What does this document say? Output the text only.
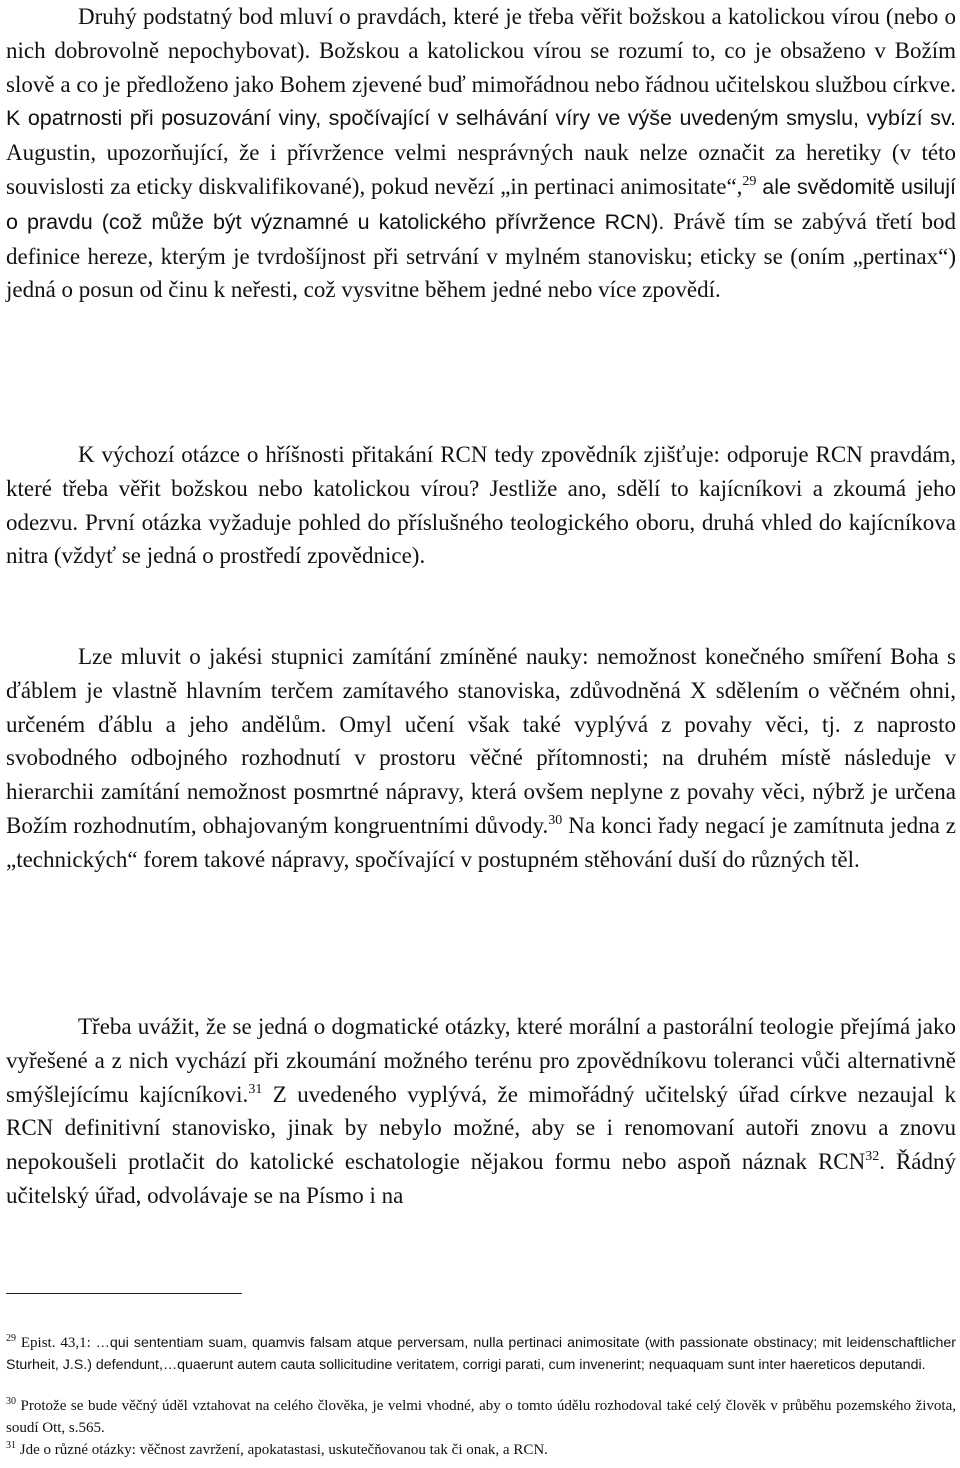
Druhý podstatný bod mluví o pravdách, které je třeba věřit božskou a katolickou vírou (nebo o nich dobrovolně nepochybovat). Božskou a katolickou vírou se rozumí to, co je obsaženo v Božím slově a co je předloženo jako Bohem zjevené buď mimořádnou nebo řádnou učitelskou službou církve. K opatrnosti při posuzování viny, spočívající v selhávání víry ve výše uvedeným smyslu, vybízí sv. Augustin, upozorňující, že i přívržence velmi nesprávných nauk nelze označit za heretiky (v této souvislosti za eticky diskvalifikované), pokud nevězí „in pertinaci animositate“,$^{29}$ ale svědomitě usilují o pravdu (což může být významné u katolického přívržence RCN). Právě tím se zabývá třetí bod definice hereze, kterým je tvrdošíjnost při setrvání v mylném stanovisku; eticky se (oním „pertinax“) jedná o posun od činu k neřesti, což vysvitne během jedné nebo více zpovědí.

K výchozí otázce o hříšnosti přitakání RCN tedy zpovědník zjišťuje: odporuje RCN pravdám, které třeba věřit božskou nebo katolickou vírou? Jestliže ano, sdělí to kajícníkovi a zkoumá jeho odezvu. První otázka vyžaduje pohled do příslušného teologického oboru, druhá vhled do kajícníkova nitra (vždyť se jedná o prostředí zpovědnice).

Lze mluvit o jakési stupnici zamítání zmíněné nauky: nemožnost konečného smíření Boha s ďáblem je vlastně hlavním terčem zamítavého stanoviska, zdůvodněná X sdělením o věčném ohni, určeném ďáblu a jeho andělům. Omyl učení však také vyplývá z povahy věci, tj. z naprosto svobodného odbojného rozhodnutí v prostoru věčné přítomnosti; na druhém místě následuje v hierarchii zamítání nemožnost posmrtné nápravy, která ovšem neplyne z povahy věci, nýbrž je určena Božím rozhodnutím, obhajovaným kongruentními důvody.$^{30}$ Na konci řady negací je zamítnuta jedna z „technických“ forem takové nápravy, spočívající v postupném stěhování duší do různých těl.

Třeba uvážit, že se jedná o dogmatické otázky, které morální a pastorální teologie přejímá jako vyřešené a z nich vychází při zkoumání možného terénu pro zpovědníkovu toleranci vůči alternativně smýšlejícímu kajícníkovi.$^{31}$ Z uvedeného vyplývá, že mimořádný učitelský úřad církve nezaujal k RCN definitivní stanovisko, jinak by nebylo možné, aby se i renomovaní autoři znovu a znovu nepokoušeli protlačit do katolické eschatologie nějakou formu nebo aspoň náznak RCN$^{32}$. Řádný učitelský úřad, odvolávaje se na Písmo i na

$^{29}$ Epist. 43,1: …qui sententiam suam, quamvis falsam atque perversam, nulla pertinaci animositate (with passionate obstinacy; mit leidenschaftlicher Sturheit, J.S.) defendunt,…quaerunt autem cauta sollicitudine veritatem, corrigi parati, cum invenerint; nequaquam sunt inter haereticos deputandi.

$^{30}$ Protože se bude věčný úděl vztahovat na celého člověka, je velmi vhodné, aby o tomto údělu rozhodoval také celý člověk v průběhu pozemského života, soudí Ott, s.565.

$^{31}$ Jde o různé otázky: věčnost zavržení, apokatastasi, uskutečňovanou tak či onak, a RCN.
